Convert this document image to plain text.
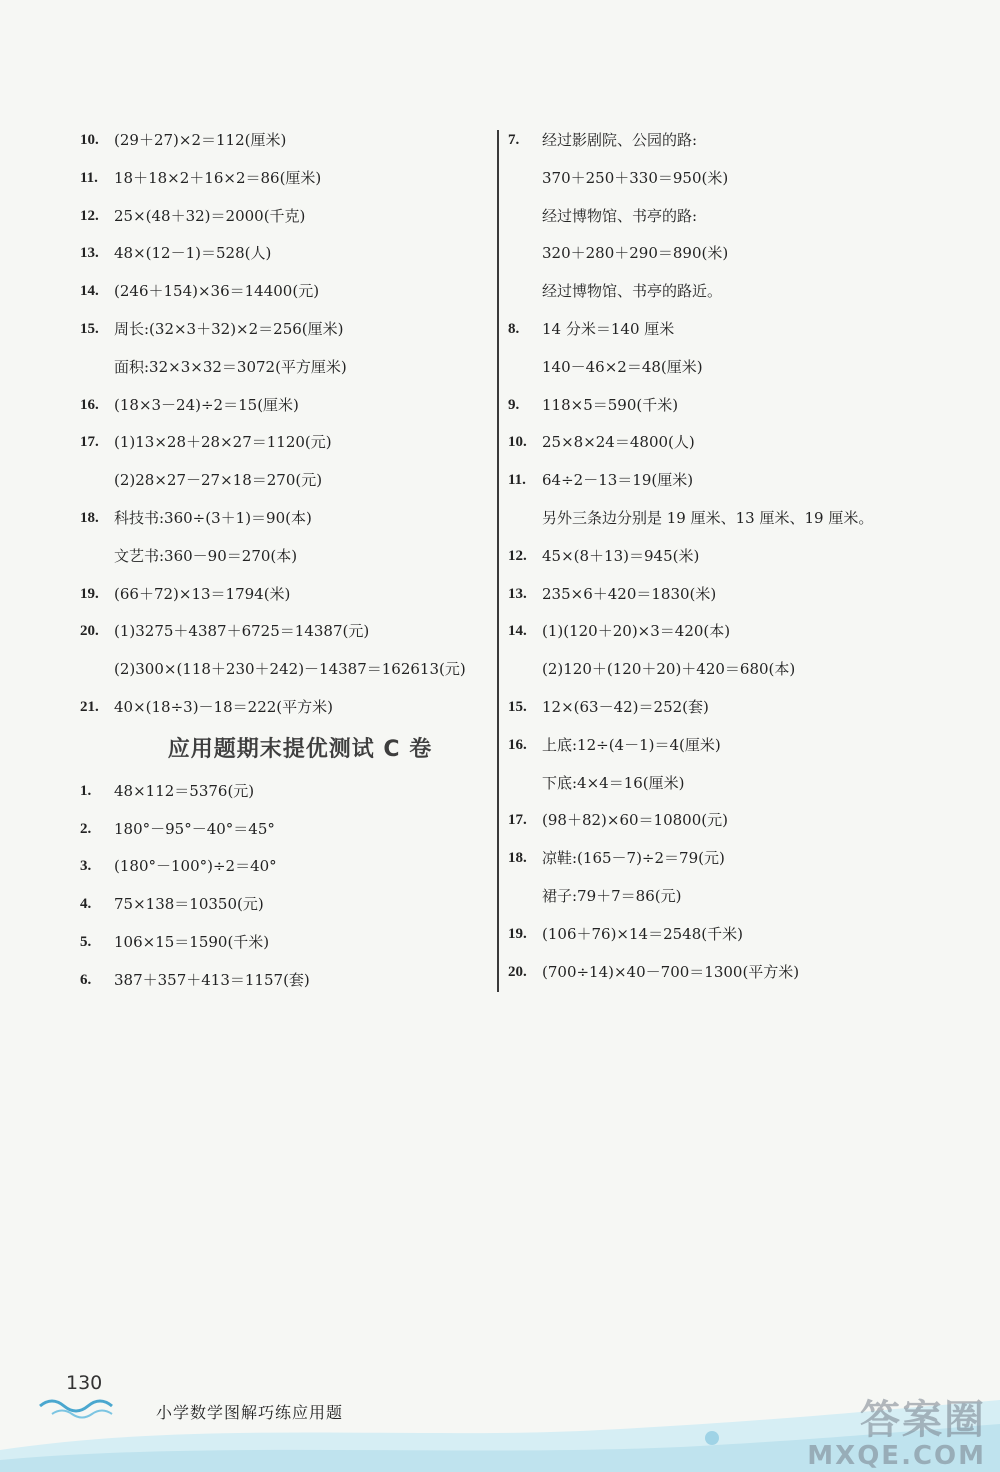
10. (29＋27)×2＝112(厘米)
11. 18＋18×2＋16×2＝86(厘米)
12. 25×(48＋32)＝2000(千克)
13. 48×(12－1)＝528(人)
14. (246＋154)×36＝14400(元)
15. 周长:(32×3＋32)×2＝256(厘米)
面积:32×3×32＝3072(平方厘米)
16. (18×3－24)÷2＝15(厘米)
17. (1)13×28＋28×27＝1120(元)
(2)28×27－27×18＝270(元)
18. 科技书:360÷(3＋1)＝90(本)
文艺书:360－90＝270(本)
19. (66＋72)×13＝1794(米)
20. (1)3275＋4387＋6725＝14387(元)
(2)300×(118＋230＋242)－14387＝162613(元)
21. 40×(18÷3)－18＝222(平方米)
应用题期末提优测试 C 卷
1. 48×112＝5376(元)
2. 180°－95°－40°＝45°
3. (180°－100°)÷2＝40°
4. 75×138＝10350(元)
5. 106×15＝1590(千米)
6. 387＋357＋413＝1157(套)
7. 经过影剧院、公园的路:
370＋250＋330＝950(米)
经过博物馆、书亭的路:
320＋280＋290＝890(米)
经过博物馆、书亭的路近。
8. 14 分米＝140 厘米
140－46×2＝48(厘米)
9. 118×5＝590(千米)
10. 25×8×24＝4800(人)
11. 64÷2－13＝19(厘米)
另外三条边分别是 19 厘米、13 厘米、19 厘米。
12. 45×(8＋13)＝945(米)
13. 235×6＋420＝1830(米)
14. (1)(120＋20)×3＝420(本)
(2)120＋(120＋20)＋420＝680(本)
15. 12×(63－42)＝252(套)
16. 上底:12÷(4－1)＝4(厘米)
下底:4×4＝16(厘米)
17. (98＋82)×60＝10800(元)
18. 凉鞋:(165－7)÷2＝79(元)
裙子:79＋7＝86(元)
19. (106＋76)×14＝2548(千米)
20. (700÷14)×40－700＝1300(平方米)
130
小学数学图解巧练应用题	答案圈
MXQE.COM
